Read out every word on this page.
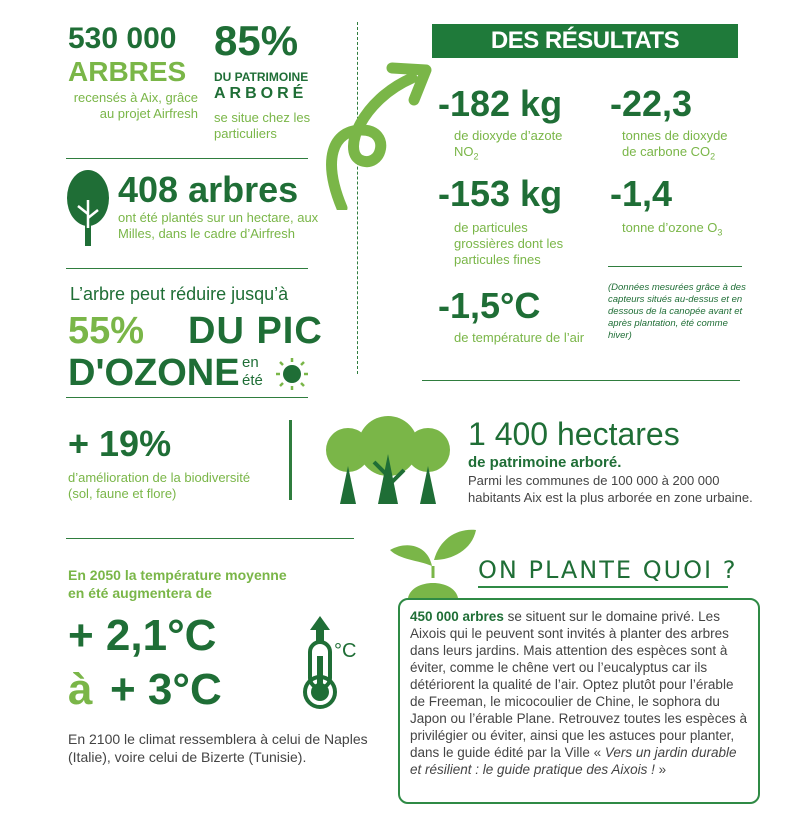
530 000
ARBRES
recensés à Aix, grâce au projet Airfresh
85%
DU PATRIMOINE
ARBORÉ
se situe chez les particuliers
408 arbres
ont été plantés sur un hectare, aux Milles, dans le cadre d’Airfresh
L’arbre peut réduire jusqu’à
55% DU PIC
D'OZONE en
été
+ 19%
d’amélioration de la biodiversité (sol, faune et flore)
DES RÉSULTATS PROBANTS
-182 kg
de dioxyde d’azote $NO_2$
-22,3
tonnes de dioxyde de carbone $CO_2$
-153 kg
de particules grossières dont les particules fines
-1,4
tonne d’ozone $O_3$
-1,5°C
de température de l’air
(Données mesurées grâce à des capteurs situés au-dessus et en dessous de la canopée avant et après plantation, été comme hiver)
1 400 hectares
de patrimoine arboré.
Parmi les communes de 100 000 à 200 000 habitants Aix est la plus arborée en zone urbaine.
En 2050 la température moyenne en été augmentera de
+ 2,1°C
à + 3°C
°C
En 2100 le climat ressemblera à celui de Naples (Italie), voire celui de Bizerte (Tunisie).
ON PLANTE QUOI ?
450 000 arbres se situent sur le domaine privé. Les Aixois qui le peuvent sont invités à planter des arbres dans leurs jardins. Mais attention des espèces sont à éviter, comme le chêne vert ou l’eucalyptus car ils détériorent la qualité de l’air. Optez plutôt pour l’érable de Freeman, le micocoulier de Chine, le sophora du Japon ou l’érable Plane. Retrouvez toutes les espèces à privilégier ou éviter, ainsi que les astuces pour planter, dans le guide édité par la Ville « Vers un jardin durable et résilient : le guide pratique des Aixois ! »
